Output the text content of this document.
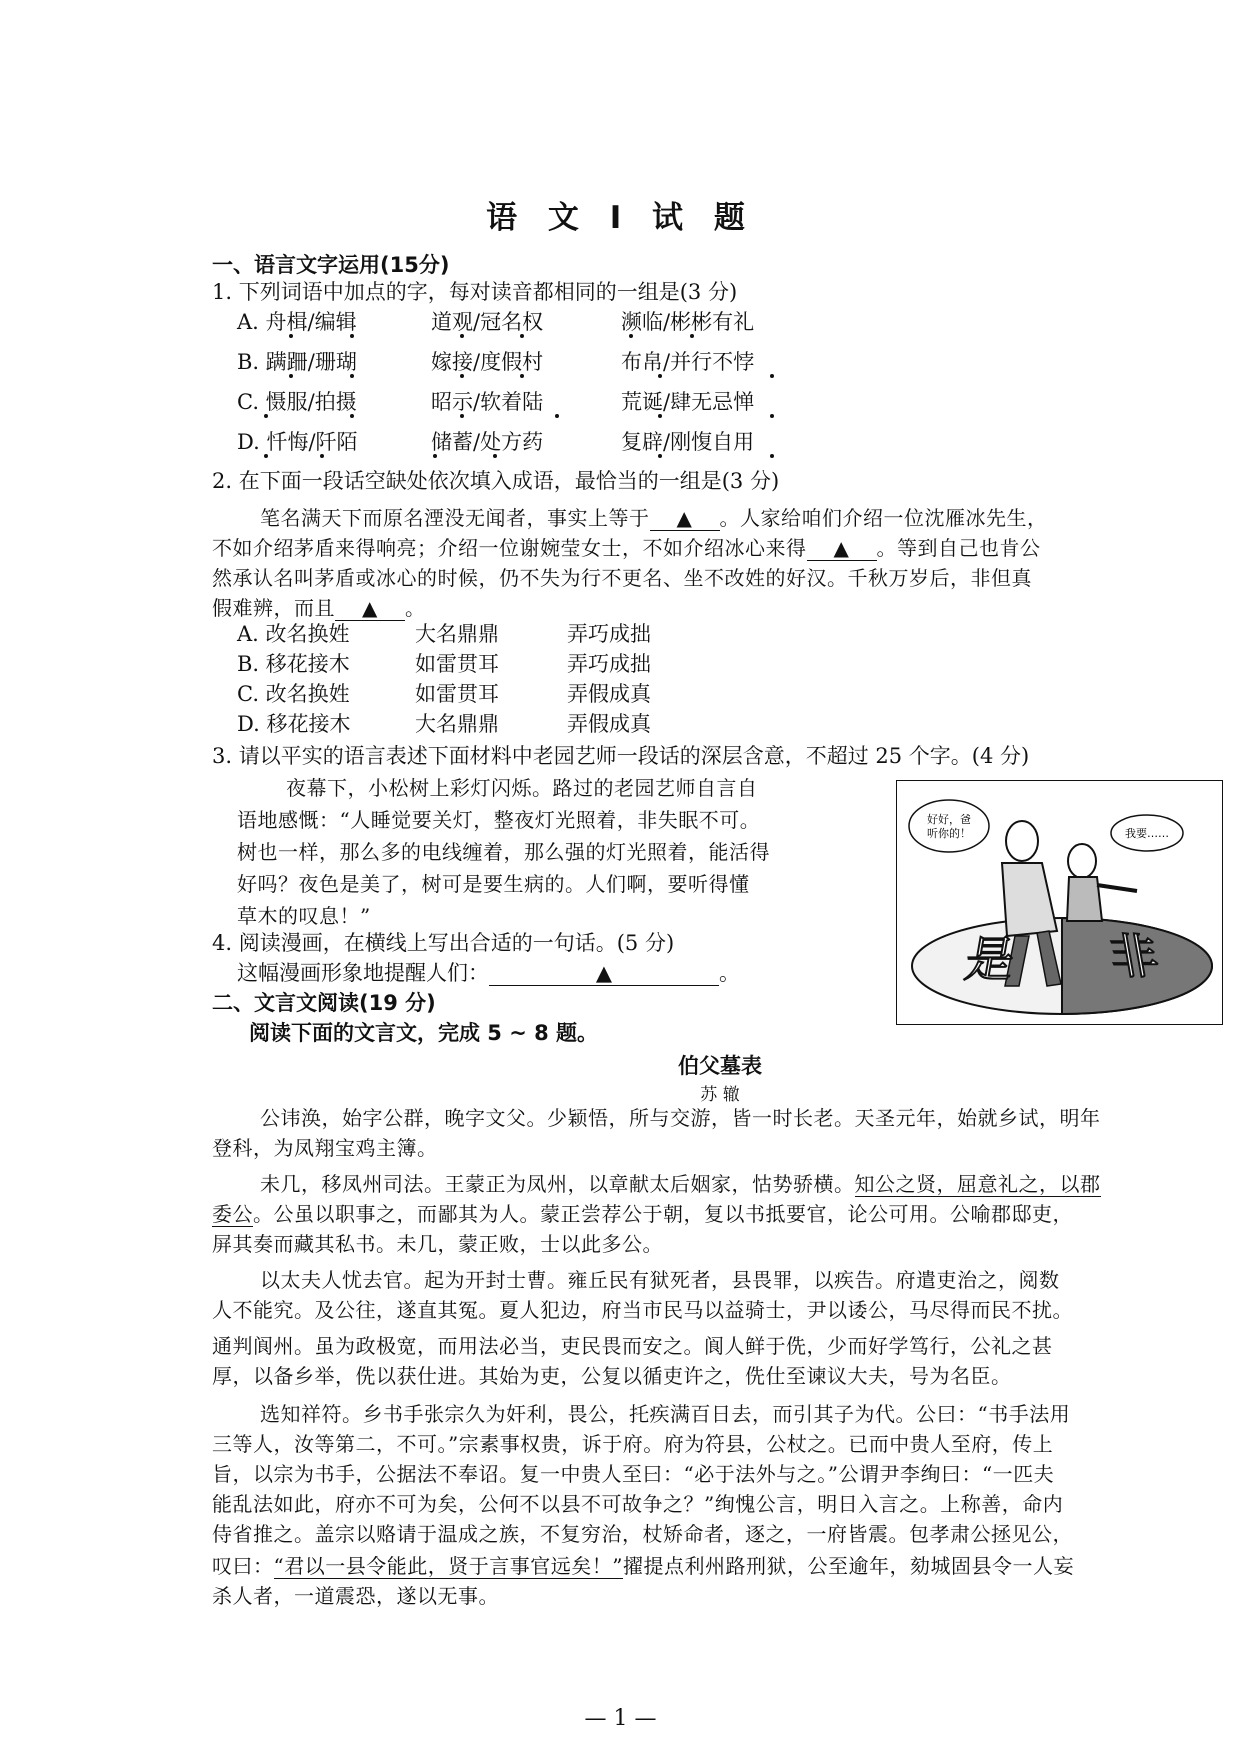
语 文 Ⅰ 试 题
一、语言文字运用(15分)
1. 下列词语中加点的字，每对读音都相同的一组是(3 分)
A. 舟楫/编辑	道观/冠名权	濒临/彬彬有礼
B. 蹒跚/珊瑚	嫁接/度假村	布帛/并行不悖
C. 慑服/拍摄	昭示/软着陆	荒诞/肆无忌惮
D. 忏悔/阡陌	储蓄/处方药	复辟/刚愎自用
2. 在下面一段话空缺处依次填入成语，最恰当的一组是(3 分)
笔名满天下而原名湮没无闻者，事实上等于 ▲ 。人家给咱们介绍一位沈雁冰先生，
不如介绍茅盾来得响亮；介绍一位谢婉莹女士，不如介绍冰心来得 ▲ 。等到自己也肯公
然承认名叫茅盾或冰心的时候，仍不失为行不更名、坐不改姓的好汉。千秋万岁后，非但真
假难辨，而且 ▲ 。
A. 改名换姓	大名鼎鼎	弄巧成拙
B. 移花接木	如雷贯耳	弄巧成拙
C. 改名换姓	如雷贯耳	弄假成真
D. 移花接木	大名鼎鼎	弄假成真
3. 请以平实的语言表述下面材料中老园艺师一段话的深层含意，不超过 25 个字。(4 分)
夜幕下，小松树上彩灯闪烁。路过的老园艺师自言自
语地感慨：“人睡觉要关灯，整夜灯光照着，非失眠不可。
树也一样，那么多的电线缠着，那么强的灯光照着，能活得
好吗？夜色是美了，树可是要生病的。人们啊，要听得懂
草木的叹息！”
4. 阅读漫画，在横线上写出合适的一句话。(5 分)
这幅漫画形象地提醒人们：	▲	。	是 非
好好，爸
听你的！	我要……
二、文言文阅读(19 分)
阅读下面的文言文，完成 5 ~ 8 题。
伯父墓表
苏 辙
公讳涣，始字公群，晚字文父。少颖悟，所与交游，皆一时长老。天圣元年，始就乡试，明年
登科，为凤翔宝鸡主簿。
未几，移凤州司法。王蒙正为凤州，以章献太后姻家，怙势骄横。知公之贤，屈意礼之，以郡
委公。公虽以职事之，而鄙其为人。蒙正尝荐公于朝，复以书抵要官，论公可用。公喻郡邸吏，
屏其奏而藏其私书。未几，蒙正败，士以此多公。
以太夫人忧去官。起为开封士曹。雍丘民有狱死者，县畏罪，以疾告。府遣吏治之，阅数
人不能究。及公往，遂直其冤。夏人犯边，府当市民马以益骑士，尹以诿公，马尽得而民不扰。
通判阆州。虽为政极宽，而用法必当，吏民畏而安之。阆人鲜于侁，少而好学笃行，公礼之甚
厚，以备乡举，侁以获仕进。其始为吏，公复以循吏许之，侁仕至谏议大夫，号为名臣。
选知祥符。乡书手张宗久为奸利，畏公，托疾满百日去，而引其子为代。公曰：“书手法用
三等人，汝等第二，不可。”宗素事权贵，诉于府。府为符县，公杖之。已而中贵人至府，传上
旨，以宗为书手，公据法不奉诏。复一中贵人至曰：“必于法外与之。”公谓尹李绚曰：“一匹夫
能乱法如此，府亦不可为矣，公何不以县不可故争之？”绚愧公言，明日入言之。上称善，命内
侍省推之。盖宗以赂请于温成之族，不复穷治，杖矫命者，逐之，一府皆震。包孝肃公拯见公，
叹曰：“君以一县令能此，贤于言事官远矣！”擢提点利州路刑狱，公至逾年，劾城固县令一人妄
杀人者，一道震恐，遂以无事。
— 1 —
